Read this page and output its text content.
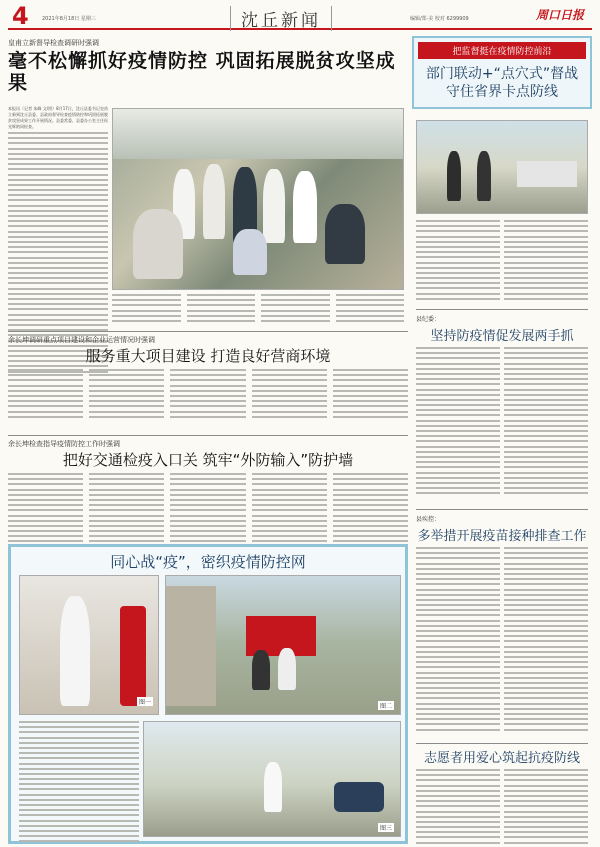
4	2021年8月18日 星期三	沈丘新闻	编辑/郑·美 校对 6299909	周口日报
皇甫立新督导检查调研时强调
毫不松懈抓好疫情防控 巩固拓展脱贫攻坚成果
本报讯（记者 朱峰 文/图）8月17日，沈丘县委书记皇甫立新到沈丘县委、县政府督导检查疫情防控和巩固拓展脱贫攻坚成果工作开展情况。县委常委、县委办公室主任侯光辉陪同检查。
余长坤调研重点项目建设和企业运营情况时强调
服务重大项目建设 打造良好营商环境
余长坤检查指导疫情防控工作时强调
把好交通检疫入口关 筑牢“外防输入”防护墙
同心战“疫”，密织疫情防控网
图二
图三
图一
把监督挺在疫情防控前沿
部门联动+“点穴式”督战
守住省界卡点防线
县纪委：
坚持防疫情促发展两手抓
县疾控：
多举措开展疫苗接种排查工作
志愿者用爱心筑起抗疫防线
